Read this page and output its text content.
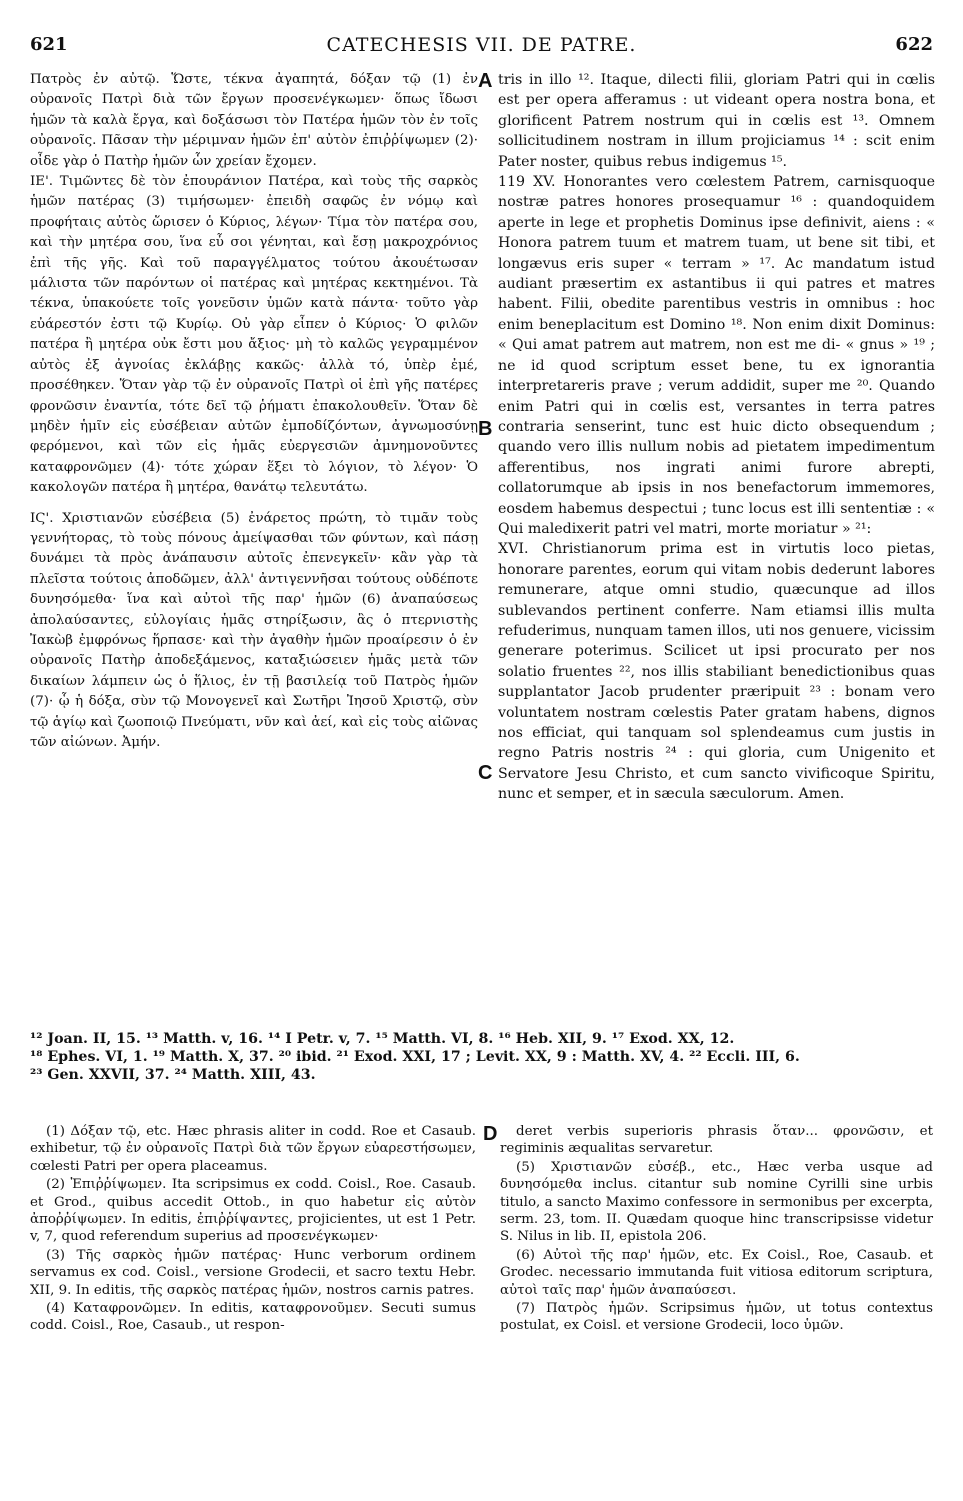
621	CATECHESIS VII. DE PATRE.	622

Πατρὸς ἐν αὐτῷ. Ὥστε, τέκνα ἀγαπητά, δόξαν τῷ (1) ἐν οὐρανοῖς Πατρὶ διὰ τῶν ἔργων προσενέγκωμεν· ὅπως ἴδωσι ἡμῶν τὰ καλὰ ἔργα, καὶ δοξάσωσι τὸν Πατέρα ἡμῶν τὸν ἐν τοῖς οὐρανοῖς. Πᾶσαν τὴν μέριμναν ἡμῶν ἐπ' αὐτὸν ἐπιῤῥίψωμεν (2)· οἶδε γὰρ ὁ Πατὴρ ἡμῶν ὧν χρείαν ἔχομεν.

ΙΕ'. Τιμῶντες δὲ τὸν ἐπουράνιον Πατέρα, καὶ τοὺς τῆς σαρκὸς ἡμῶν πατέρας (3) τιμήσωμεν· ἐπειδὴ σαφῶς ἐν νόμῳ καὶ προφήταις αὐτὸς ὥρισεν ὁ Κύριος, λέγων· Τίμα τὸν πατέρα σου, καὶ τὴν μητέρα σου, ἵνα εὖ σοι γένηται, καὶ ἔσῃ μακροχρόνιος ἐπὶ τῆς γῆς. Καὶ τοῦ παραγγέλματος τούτου ἀκουέτωσαν μάλιστα τῶν παρόντων οἱ πατέρας καὶ μητέρας κεκτημένοι. Τὰ τέκνα, ὑπακούετε τοῖς γονεῦσιν ὑμῶν κατὰ πάντα· τοῦτο γὰρ εὐάρεστόν ἐστι τῷ Κυρίῳ. Οὐ γὰρ εἶπεν ὁ Κύριος· Ὁ φιλῶν πατέρα ἢ μητέρα οὐκ ἔστι μου ἄξιος· μὴ τὸ καλῶς γεγραμμένον αὐτὸς ἐξ ἀγνοίας ἐκλάβῃς κακῶς· ἀλλὰ τό, ὑπὲρ ἐμέ, προσέθηκεν. Ὅταν γὰρ τῷ ἐν οὐρανοῖς Πατρὶ οἱ ἐπὶ γῆς πατέρες φρονῶσιν ἐναντία, τότε δεῖ τῷ ῥήματι ἐπακολουθεῖν. Ὅταν δὲ μηδὲν ἡμῖν εἰς εὐσέβειαν αὐτῶν ἐμποδίζόντων, ἀγνωμοσύνῃ φερόμενοι, καὶ τῶν εἰς ἡμᾶς εὐεργεσιῶν ἀμνημονοῦντες καταφρονῶμεν (4)· τότε χώραν ἕξει τὸ λόγιον, τὸ λέγον· Ὁ κακολογῶν πατέρα ἢ μητέρα, θανάτῳ τελευτάτω.

ΙϚ'. Χριστιανῶν εὐσέβεια (5) ἐνάρετος πρώτη, τὸ τιμᾶν τοὺς γεννήτορας, τὸ τοὺς πόνους ἀμείψασθαι τῶν φύντων, καὶ πάσῃ δυνάμει τὰ πρὸς ἀνάπαυσιν αὐτοῖς ἐπενεγκεῖν· κἂν γὰρ τὰ πλεῖστα τούτοις ἀποδῶμεν, ἀλλ' ἀντιγεννῆσαι τούτους οὐδέποτε δυνησόμεθα· ἵνα καὶ αὐτοὶ τῆς παρ' ἡμῶν (6) ἀναπαύσεως ἀπολαύσαντες, εὐλογίαις ἡμᾶς στηρίξωσιν, ἃς ὁ πτερνιστὴς Ἰακὼβ ἐμφρόνως ἥρπασε· καὶ τὴν ἀγαθὴν ἡμῶν προαίρεσιν ὁ ἐν οὐρανοῖς Πατὴρ ἀποδεξάμενος, καταξιώσειεν ἡμᾶς μετὰ τῶν δικαίων λάμπειν ὡς ὁ ἥλιος, ἐν τῇ βασιλείᾳ τοῦ Πατρὸς ἡμῶν (7)· ᾧ ἡ δόξα, σὺν τῷ Μονογενεῖ καὶ Σωτῆρι Ἰησοῦ Χριστῷ, σὺν τῷ ἁγίῳ καὶ ζωοποιῷ Πνεύματι, νῦν καὶ ἀεί, καὶ εἰς τοὺς αἰῶνας τῶν αἰώνων. Ἀμήν.

A
B
C

tris in illo ¹². Itaque, dilecti filii, gloriam Patri qui in cœlis est per opera afferamus : ut videant opera nostra bona, et glorificent Patrem nostrum qui in cœlis est ¹³. Omnem sollicitudinem nostram in illum projiciamus ¹⁴ : scit enim Pater noster, quibus rebus indigemus ¹⁵.

119 XV. Honorantes vero cœlestem Patrem, carnisquoque nostræ patres honores prosequamur ¹⁶ : quandoquidem aperte in lege et prophetis Dominus ipse definivit, aiens : « Honora patrem tuum et matrem tuam, ut bene sit tibi, et longævus eris super « terram » ¹⁷. Ac mandatum istud audiant præsertim ex astantibus ii qui patres et matres habent. Filii, obedite parentibus vestris in omnibus : hoc enim beneplacitum est Domino ¹⁸. Non enim dixit Dominus: « Qui amat patrem aut matrem, non est me di- « gnus » ¹⁹ ; ne id quod scriptum esset bene, tu ex ignorantia interpretareris prave ; verum addidit, super me ²⁰. Quando enim Patri qui in cœlis est, versantes in terra patres contraria senserint, tunc est huic dicto obsequendum ; quando vero illis nullum nobis ad pietatem impedimentum afferentibus, nos ingrati animi furore abrepti, collatorumque ab ipsis in nos benefactorum immemores, eosdem habemus despectui ; tunc locus est illi sententiæ : « Qui maledixerit patri vel matri, morte moriatur » ²¹:

XVI. Christianorum prima est in virtutis loco pietas, honorare parentes, eorum qui vitam nobis dederunt labores remunerare, atque omni studio, quæcunque ad illos sublevandos pertinent conferre. Nam etiamsi illis multa refuderimus, nunquam tamen illos, uti nos genuere, vicissim generare poterimus. Scilicet ut ipsi procurato per nos solatio fruentes ²², nos illis stabiliant benedictionibus quas supplantator Jacob prudenter præripuit ²³ : bonam vero voluntatem nostram cœlestis Pater gratam habens, dignos nos efficiat, qui tanquam sol splendeamus cum justis in regno Patris nostris ²⁴ : qui gloria, cum Unigenito et Servatore Jesu Christo, et cum sancto vivificoque Spiritu, nunc et semper, et in sæcula sæculorum. Amen.

¹² Joan. II, 15. ¹³ Matth. v, 16. ¹⁴ I Petr. v, 7. ¹⁵ Matth. VI, 8. ¹⁶ Heb. XII, 9. ¹⁷ Exod. XX, 12.

¹⁸ Ephes. VI, 1. ¹⁹ Matth. X, 37. ²⁰ ibid. ²¹ Exod. XXI, 17 ; Levit. XX, 9 : Matth. XV, 4. ²² Eccli. III, 6.

²³ Gen. XXVII, 37. ²⁴ Matth. XIII, 43.

(1) Δόξαν τῷ, etc. Hæc phrasis aliter in codd. Roe et Casaub. exhibetur, τῷ ἐν οὐρανοῖς Πατρὶ διὰ τῶν ἔργων εὐαρεστήσωμεν, cœlesti Patri per opera placeamus.

(2) Ἐπιῤῥίψωμεν. Ita scripsimus ex codd. Coisl., Roe. Casaub. et Grod., quibus accedit Ottob., in quo habetur εἰς αὐτὸν ἀποῤῥίψωμεν. In editis, ἐπιῤῥίψαντες, projicientes, ut est 1 Petr. v, 7, quod referendum superius ad προσενέγκωμεν·

(3) Τῆς σαρκὸς ἡμῶν πατέρας· Hunc verborum ordinem servamus ex cod. Coisl., versione Grodecii, et sacro textu Hebr. XII, 9. In editis, τῆς σαρκὸς πατέρας ἡμῶν, nostros carnis patres.

(4) Καταφρονῶμεν. In editis, καταφρονοῦμεν. Secuti sumus codd. Coisl., Roe, Casaub., ut respon-

D	deret verbis superioris phrasis ὅταν... φρονῶσιν, et regiminis æqualitas servaretur.

(5) Χριστιανῶν εὐσέβ., etc., Hæc verba usque ad δυνησόμεθα inclus. citantur sub nomine Cyrilli sine urbis titulo, a sancto Maximo confessore in sermonibus per excerpta, serm. 23, tom. II. Quædam quoque hinc transcripsisse videtur S. Nilus in lib. II, epistola 206.

(6) Αὐτοὶ τῆς παρ' ἡμῶν, etc. Ex Coisl., Roe, Casaub. et Grodec. necessario immutanda fuit vitiosa editorum scriptura, αὐτοὶ ταῖς παρ' ἡμῶν ἀναπαύσεσι.

(7) Πατρὸς ἡμῶν. Scripsimus ἡμῶν, ut totus contextus postulat, ex Coisl. et versione Grodecii, loco ὑμῶν.
